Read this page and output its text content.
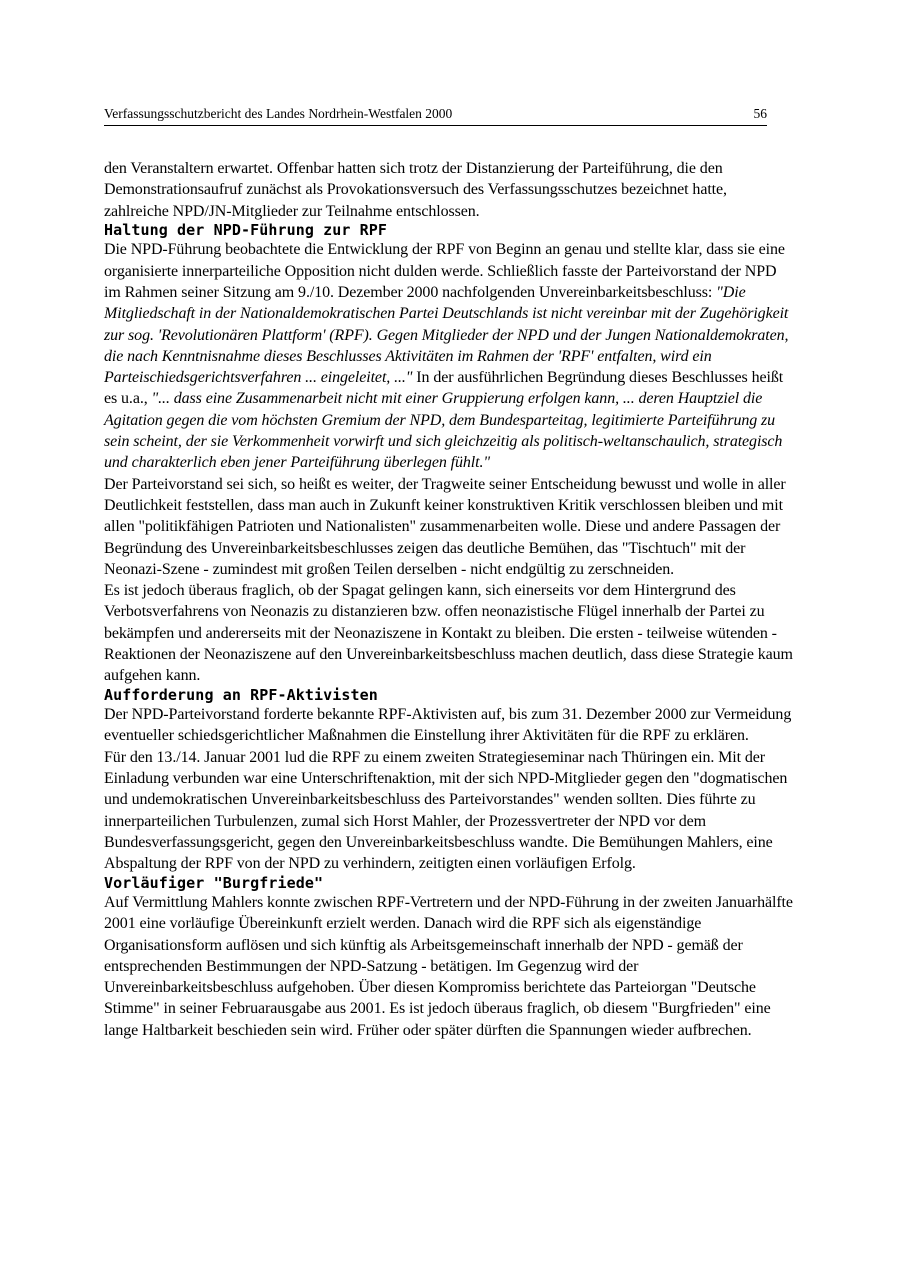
Verfassungsschutzbericht des Landes Nordrhein-Westfalen 2000	56

den Veranstaltern erwartet. Offenbar hatten sich trotz der Distanzierung der Parteiführung, die den Demonstrationsaufruf zunächst als Provokationsversuch des Verfassungsschutzes bezeichnet hatte, zahlreiche NPD/JN-Mitglieder zur Teilnahme entschlossen.

Haltung der NPD-Führung zur RPF

Die NPD-Führung beobachtete die Entwicklung der RPF von Beginn an genau und stellte klar, dass sie eine organisierte innerparteiliche Opposition nicht dulden werde. Schließlich fasste der Parteivorstand der NPD im Rahmen seiner Sitzung am 9./10. Dezember 2000 nachfolgenden Unvereinbarkeitsbeschluss: "Die Mitgliedschaft in der Nationaldemokratischen Partei Deutschlands ist nicht vereinbar mit der Zugehörigkeit zur sog. 'Revolutionären Plattform' (RPF). Gegen Mitglieder der NPD und der Jungen Nationaldemokraten, die nach Kenntnisnahme dieses Beschlusses Aktivitäten im Rahmen der 'RPF' entfalten, wird ein Parteischiedsgerichtsverfahren ... eingeleitet, ..." In der ausführlichen Begründung dieses Beschlusses heißt es u.a., "... dass eine Zusammenarbeit nicht mit einer Gruppierung erfolgen kann, ... deren Hauptziel die Agitation gegen die vom höchsten Gremium der NPD, dem Bundesparteitag, legitimierte Parteiführung zu sein scheint, der sie Verkommenheit vorwirft und sich gleichzeitig als politisch-weltanschaulich, strategisch und charakterlich eben jener Parteiführung überlegen fühlt."

Der Parteivorstand sei sich, so heißt es weiter, der Tragweite seiner Entscheidung bewusst und wolle in aller Deutlichkeit feststellen, dass man auch in Zukunft keiner konstruktiven Kritik verschlossen bleiben und mit allen "politikfähigen Patrioten und Nationalisten" zusammenarbeiten wolle. Diese und andere Passagen der Begründung des Unvereinbarkeitsbeschlusses zeigen das deutliche Bemühen, das "Tischtuch" mit der Neonazi-Szene - zumindest mit großen Teilen derselben - nicht endgültig zu zerschneiden.

Es ist jedoch überaus fraglich, ob der Spagat gelingen kann, sich einerseits vor dem Hintergrund des Verbotsverfahrens von Neonazis zu distanzieren bzw. offen neonazistische Flügel innerhalb der Partei zu bekämpfen und andererseits mit der Neonaziszene in Kontakt zu bleiben. Die ersten - teilweise wütenden - Reaktionen der Neonaziszene auf den Unvereinbarkeitsbeschluss machen deutlich, dass diese Strategie kaum aufgehen kann.

Aufforderung an RPF-Aktivisten

Der NPD-Parteivorstand forderte bekannte RPF-Aktivisten auf, bis zum 31. Dezember 2000 zur Vermeidung eventueller schiedsgerichtlicher Maßnahmen die Einstellung ihrer Aktivitäten für die RPF zu erklären.

Für den 13./14. Januar 2001 lud die RPF zu einem zweiten Strategieseminar nach Thüringen ein. Mit der Einladung verbunden war eine Unterschriftenaktion, mit der sich NPD-Mitglieder gegen den "dogmatischen und undemokratischen Unvereinbarkeitsbeschluss des Parteivorstandes" wenden sollten. Dies führte zu innerparteilichen Turbulenzen, zumal sich Horst Mahler, der Prozessvertreter der NPD vor dem Bundesverfassungsgericht, gegen den Unvereinbarkeitsbeschluss wandte. Die Bemühungen Mahlers, eine Abspaltung der RPF von der NPD zu verhindern, zeitigten einen vorläufigen Erfolg.

Vorläufiger "Burgfriede"

Auf Vermittlung Mahlers konnte zwischen RPF-Vertretern und der NPD-Führung in der zweiten Januarhälfte 2001 eine vorläufige Übereinkunft erzielt werden. Danach wird die RPF sich als eigenständige Organisationsform auflösen und sich künftig als Arbeitsgemeinschaft innerhalb der NPD - gemäß der entsprechenden Bestimmungen der NPD-Satzung - betätigen. Im Gegenzug wird der Unvereinbarkeitsbeschluss aufgehoben. Über diesen Kompromiss berichtete das Parteiorgan "Deutsche Stimme" in seiner Februarausgabe aus 2001. Es ist jedoch überaus fraglich, ob diesem "Burgfrieden" eine lange Haltbarkeit beschieden sein wird. Früher oder später dürften die Spannungen wieder aufbrechen.
